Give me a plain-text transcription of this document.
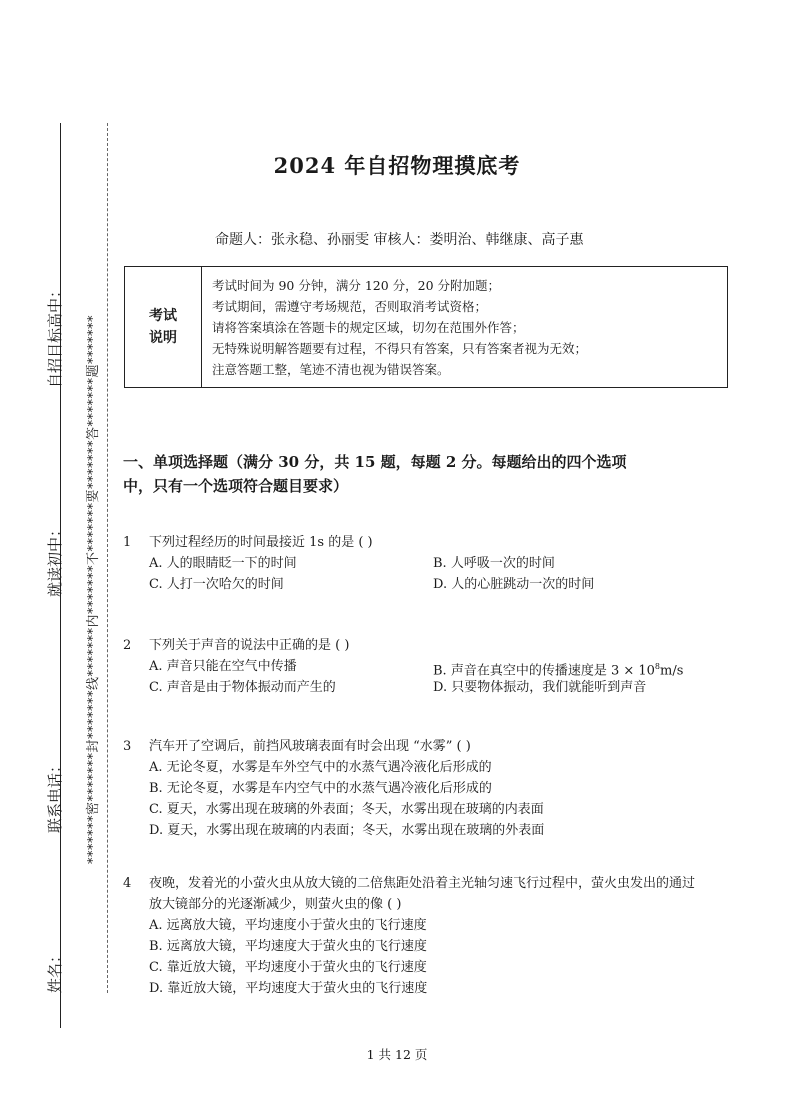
自招目标高中：
就读初中：
联系电话：
姓名：
*******密*******封*******线*******内*******不*******要*******答*******题*******
2024 年自招物理摸底考
命题人：张永稳、孙丽雯 审核人：娄明治、韩继康、高子惠
考试
说明
考试时间为 90 分钟，满分 120 分，20 分附加题；
考试期间，需遵守考场规范，否则取消考试资格；
请将答案填涂在答题卡的规定区域，切勿在范围外作答；
无特殊说明解答题要有过程，不得只有答案，只有答案者视为无效；
注意答题工整，笔迹不清也视为错误答案。
一、单项选择题（满分 30 分，共 15 题，每题 2 分。每题给出的四个选项
中，只有一个选项符合题目要求）
1 下列过程经历的时间最接近 1s 的是 ( )
A. 人的眼睛眨一下的时间	B. 人呼吸一次的时间
C. 人打一次哈欠的时间	D. 人的心脏跳动一次的时间
2 下列关于声音的说法中正确的是 ( )
A. 声音只能在空气中传播	B. 声音在真空中的传播速度是 $3 \times 10^8m/s$
C. 声音是由于物体振动而产生的	D. 只要物体振动，我们就能听到声音
3 汽车开了空调后，前挡风玻璃表面有时会出现 “水雾” ( )
A. 无论冬夏，水雾是车外空气中的水蒸气遇冷液化后形成的
B. 无论冬夏，水雾是车内空气中的水蒸气遇冷液化后形成的
C. 夏天，水雾出现在玻璃的外表面；冬天，水雾出现在玻璃的内表面
D. 夏天，水雾出现在玻璃的内表面；冬天，水雾出现在玻璃的外表面
4 夜晚，发着光的小萤火虫从放大镜的二倍焦距处沿着主光轴匀速飞行过程中，萤火虫发出的通过
放大镜部分的光逐渐减少，则萤火虫的像 ( )
A. 远离放大镜，平均速度小于萤火虫的飞行速度
B. 远离放大镜，平均速度大于萤火虫的飞行速度
C. 靠近放大镜，平均速度小于萤火虫的飞行速度
D. 靠近放大镜，平均速度大于萤火虫的飞行速度
1 共 12 页
